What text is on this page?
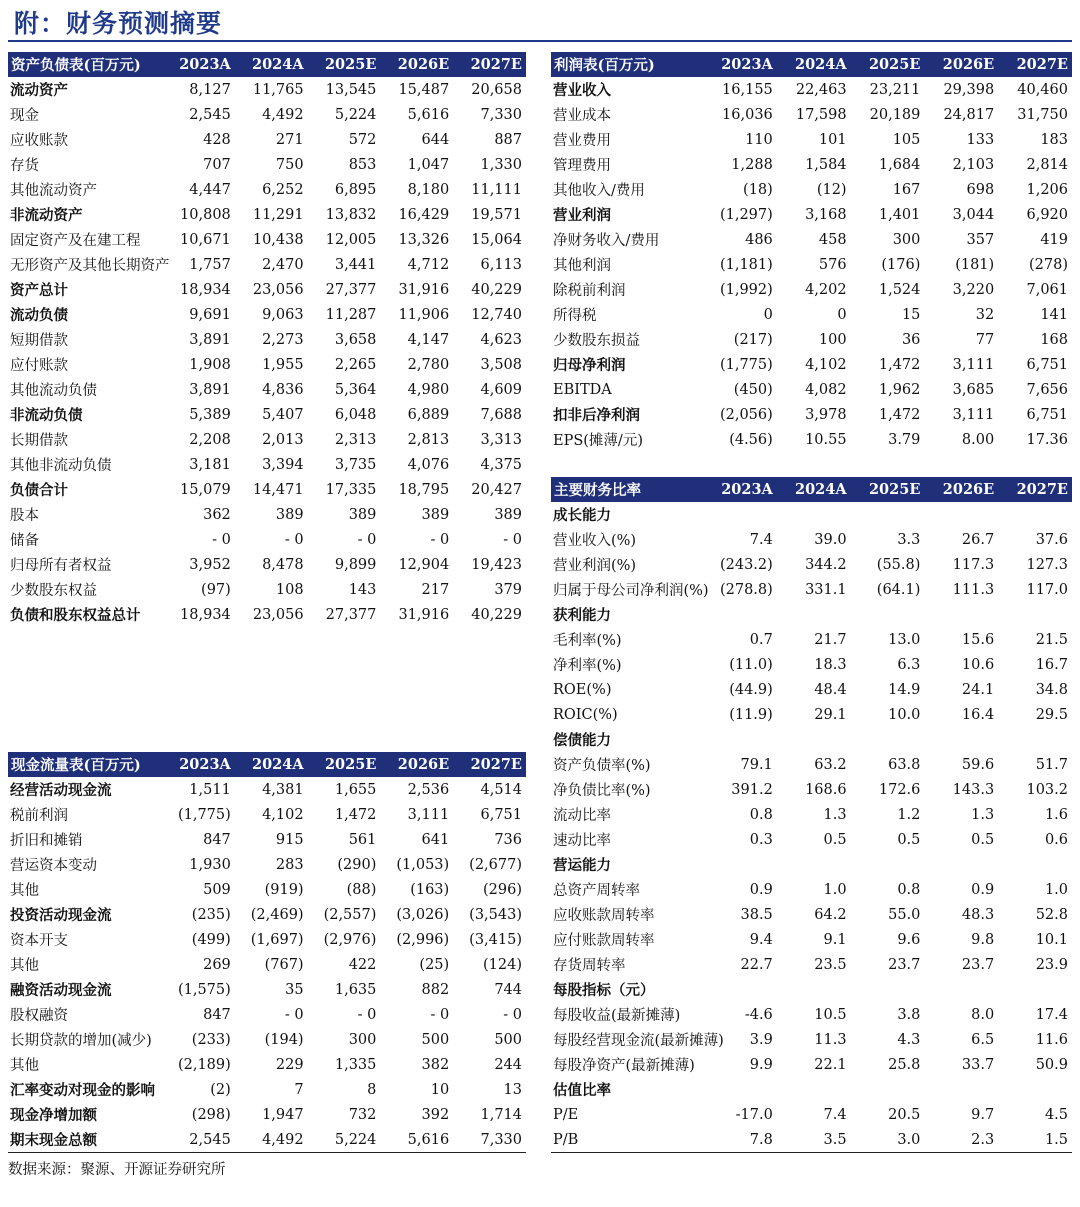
附：财务预测摘要
资产负债表(百万元)	2023A	2024A	2025E	2026E	2027E
流动资产	8,127	11,765	13,545	15,487	20,658
现金	2,545	4,492	5,224	5,616	7,330
应收账款	428	271	572	644	887
存货	707	750	853	1,047	1,330
其他流动资产	4,447	6,252	6,895	8,180	11,111
非流动资产	10,808	11,291	13,832	16,429	19,571
固定资产及在建工程	10,671	10,438	12,005	13,326	15,064
无形资产及其他长期资产	1,757	2,470	3,441	4,712	6,113
资产总计	18,934	23,056	27,377	31,916	40,229
流动负债	9,691	9,063	11,287	11,906	12,740
短期借款	3,891	2,273	3,658	4,147	4,623
应付账款	1,908	1,955	2,265	2,780	3,508
其他流动负债	3,891	4,836	5,364	4,980	4,609
非流动负债	5,389	5,407	6,048	6,889	7,688
长期借款	2,208	2,013	2,313	2,813	3,313
其他非流动负债	3,181	3,394	3,735	4,076	4,375
负债合计	15,079	14,471	17,335	18,795	20,427
股本	362	389	389	389	389
储备	- 0	- 0	- 0	- 0	- 0
归母所有者权益	3,952	8,478	9,899	12,904	19,423
少数股东权益	(97)	108	143	217	379
负债和股东权益总计	18,934	23,056	27,377	31,916	40,229
现金流量表(百万元)	2023A	2024A	2025E	2026E	2027E
经营活动现金流	1,511	4,381	1,655	2,536	4,514
税前利润	(1,775)	4,102	1,472	3,111	6,751
折旧和摊销	847	915	561	641	736
营运资本变动	1,930	283	(290)	(1,053)	(2,677)
其他	509	(919)	(88)	(163)	(296)
投资活动现金流	(235)	(2,469)	(2,557)	(3,026)	(3,543)
资本开支	(499)	(1,697)	(2,976)	(2,996)	(3,415)
其他	269	(767)	422	(25)	(124)
融资活动现金流	(1,575)	35	1,635	882	744
股权融资	847	- 0	- 0	- 0	- 0
长期贷款的增加(减少)	(233)	(194)	300	500	500
其他	(2,189)	229	1,335	382	244
汇率变动对现金的影响	(2)	7	8	10	13
现金净增加额	(298)	1,947	732	392	1,714
期末现金总额	2,545	4,492	5,224	5,616	7,330
利润表(百万元)	2023A	2024A	2025E	2026E	2027E
营业收入	16,155	22,463	23,211	29,398	40,460
营业成本	16,036	17,598	20,189	24,817	31,750
营业费用	110	101	105	133	183
管理费用	1,288	1,584	1,684	2,103	2,814
其他收入/费用	(18)	(12)	167	698	1,206
营业利润	(1,297)	3,168	1,401	3,044	6,920
净财务收入/费用	486	458	300	357	419
其他利润	(1,181)	576	(176)	(181)	(278)
除税前利润	(1,992)	4,202	1,524	3,220	7,061
所得税	0	0	15	32	141
少数股东损益	(217)	100	36	77	168
归母净利润	(1,775)	4,102	1,472	3,111	6,751
EBITDA	(450)	4,082	1,962	3,685	7,656
扣非后净利润	(2,056)	3,978	1,472	3,111	6,751
EPS(摊薄/元)	(4.56)	10.55	3.79	8.00	17.36
主要财务比率	2023A	2024A	2025E	2026E	2027E
成长能力					
营业收入(%)	7.4	39.0	3.3	26.7	37.6
营业利润(%)	(243.2)	344.2	(55.8)	117.3	127.3
归属于母公司净利润(%)	(278.8)	331.1	(64.1)	111.3	117.0
获利能力					
毛利率(%)	0.7	21.7	13.0	15.6	21.5
净利率(%)	(11.0)	18.3	6.3	10.6	16.7
ROE(%)	(44.9)	48.4	14.9	24.1	34.8
ROIC(%)	(11.9)	29.1	10.0	16.4	29.5
偿债能力					
资产负债率(%)	79.1	63.2	63.8	59.6	51.7
净负债比率(%)	391.2	168.6	172.6	143.3	103.2
流动比率	0.8	1.3	1.2	1.3	1.6
速动比率	0.3	0.5	0.5	0.5	0.6
营运能力					
总资产周转率	0.9	1.0	0.8	0.9	1.0
应收账款周转率	38.5	64.2	55.0	48.3	52.8
应付账款周转率	9.4	9.1	9.6	9.8	10.1
存货周转率	22.7	23.5	23.7	23.7	23.9
每股指标（元）					
每股收益(最新摊薄)	-4.6	10.5	3.8	8.0	17.4
每股经营现金流(最新摊薄)	3.9	11.3	4.3	6.5	11.6
每股净资产(最新摊薄)	9.9	22.1	25.8	33.7	50.9
估值比率					
P/E	-17.0	7.4	20.5	9.7	4.5
P/B	7.8	3.5	3.0	2.3	1.5
数据来源：聚源、开源证券研究所
